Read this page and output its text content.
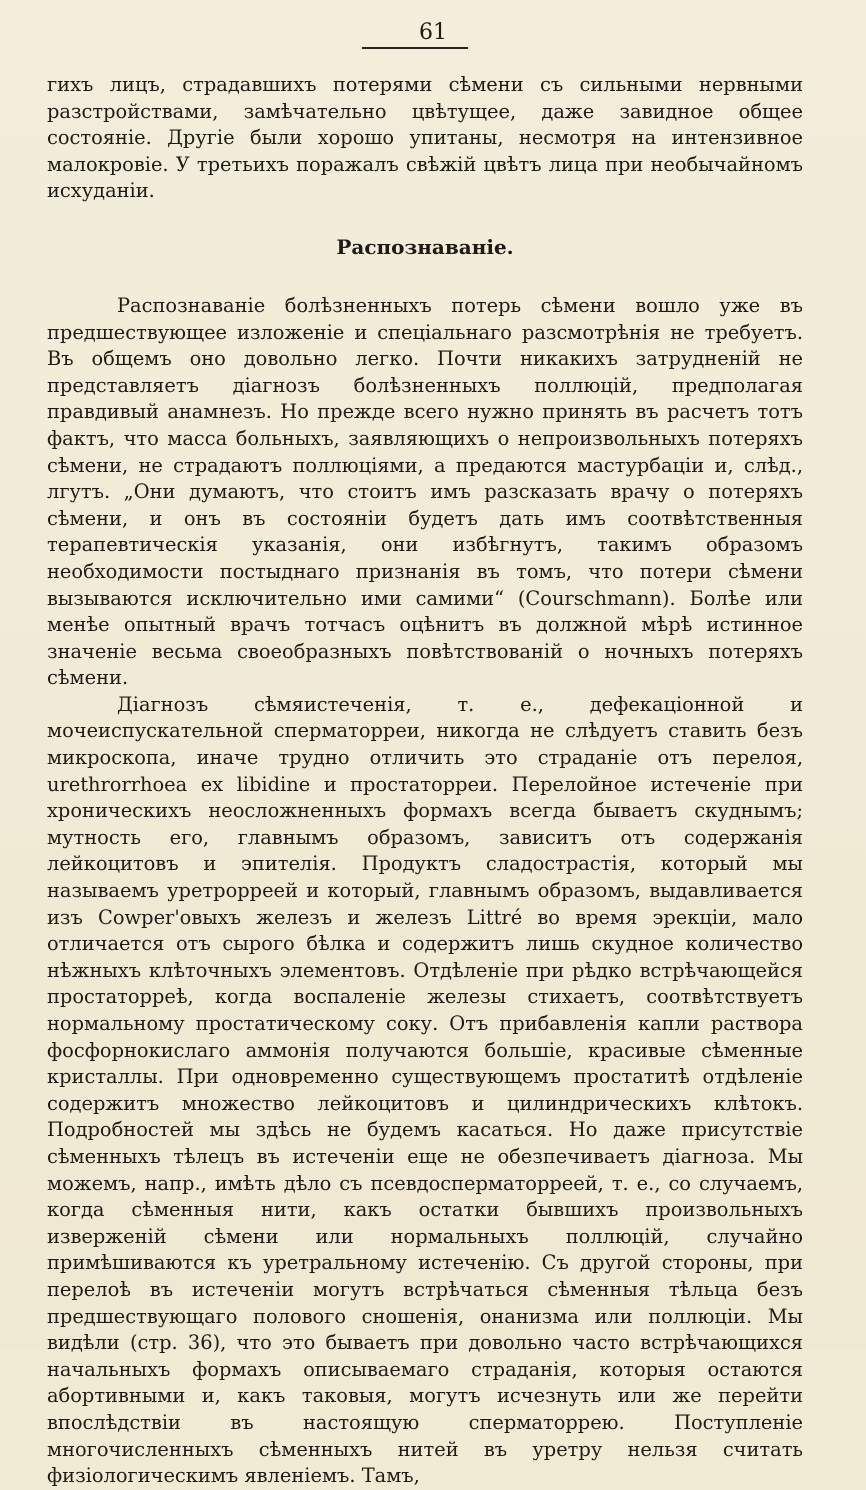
61

гихъ лицъ, страдавшихъ потерями сѣмени съ сильными нервными разстройствами, замѣчательно цвѣтущее, даже завидное общее состояніе. Другіе были хорошо упитаны, несмотря на интензивное малокровіе. У третьихъ поражалъ свѣжій цвѣтъ лица при необычайномъ исхуданіи.

Распознаваніе.

Распознаваніе болѣзненныхъ потерь сѣмени вошло уже въ предшествующее изложеніе и спеціальнаго разсмотрѣнія не требуетъ. Въ общемъ оно довольно легко. Почти никакихъ затрудненій не представляетъ діагнозъ болѣзненныхъ поллюцій, предполагая правдивый анамнезъ. Но прежде всего нужно принять въ расчетъ тотъ фактъ, что масса больныхъ, заявляющихъ о непроизвольныхъ потеряхъ сѣмени, не страдаютъ поллюціями, а предаются мастурбаціи и, слѣд., лгутъ. „Они думаютъ, что стоитъ имъ разсказать врачу о потеряхъ сѣмени, и онъ въ состояніи будетъ дать имъ соотвѣтственныя терапевтическія указанія, они избѣгнутъ, такимъ образомъ необходимости постыднаго признанія въ томъ, что потери сѣмени вызываются исключительно ими самими“ (Courschmann). Болѣе или менѣе опытный врачъ тотчасъ оцѣнитъ въ должной мѣрѣ истинное значеніе весьма своеобразныхъ повѣтствованій о ночныхъ потеряхъ сѣмени.

Діагнозъ сѣмяистеченія, т. е., дефекаціонной и мочеиспускательной сперматорреи, никогда не слѣдуетъ ставить безъ микроскопа, иначе трудно отличить это страданіе отъ перелоя, urethrorrhoea ex libidine и простаторреи. Перелойное истеченіе при хроническихъ неосложненныхъ формахъ всегда бываетъ скуднымъ; мутность его, главнымъ образомъ, зависитъ отъ содержанія лейкоцитовъ и эпителія. Продуктъ сладострастія, который мы называемъ уретрорреей и который, главнымъ образомъ, выдавливается изъ Cowper'овыхъ железъ и железъ Littré во время эрекціи, мало отличается отъ сырого бѣлка и содержитъ лишь скудное количество нѣжныхъ клѣточныхъ элементовъ. Отдѣленіе при рѣдко встрѣчающейся простаторреѣ, когда воспаленіе железы стихаетъ, соотвѣтствуетъ нормальному простатическому соку. Отъ прибавленія капли раствора фосфорнокислаго аммонія получаются большіе, красивые сѣменные кристаллы. При одновременно существующемъ простатитѣ отдѣленіе содержитъ множество лейкоцитовъ и цилиндрическихъ клѣтокъ. Подробностей мы здѣсь не будемъ касаться. Но даже присутствіе сѣменныхъ тѣлецъ въ истеченіи еще не обезпечиваетъ діагноза. Мы можемъ, напр., имѣть дѣло съ псевдосперматорреей, т. е., со случаемъ, когда сѣменныя нити, какъ остатки бывшихъ произвольныхъ изверженій сѣмени или нормальныхъ поллюцій, случайно примѣшиваются къ уретральному истеченію. Съ другой стороны, при перелоѣ въ истеченіи могутъ встрѣчаться сѣменныя тѣльца безъ предшествующаго полового сношенія, онанизма или поллюціи. Мы видѣли (стр. 36), что это бываетъ при довольно часто встрѣчающихся начальныхъ формахъ описываемаго страданія, которыя остаются абортивными и, какъ таковыя, могутъ исчезнуть или же перейти впослѣдствіи въ настоящую сперматоррею. Поступленіе многочисленныхъ сѣменныхъ нитей въ уретру нельзя считать физіологическимъ явленіемъ. Тамъ,
